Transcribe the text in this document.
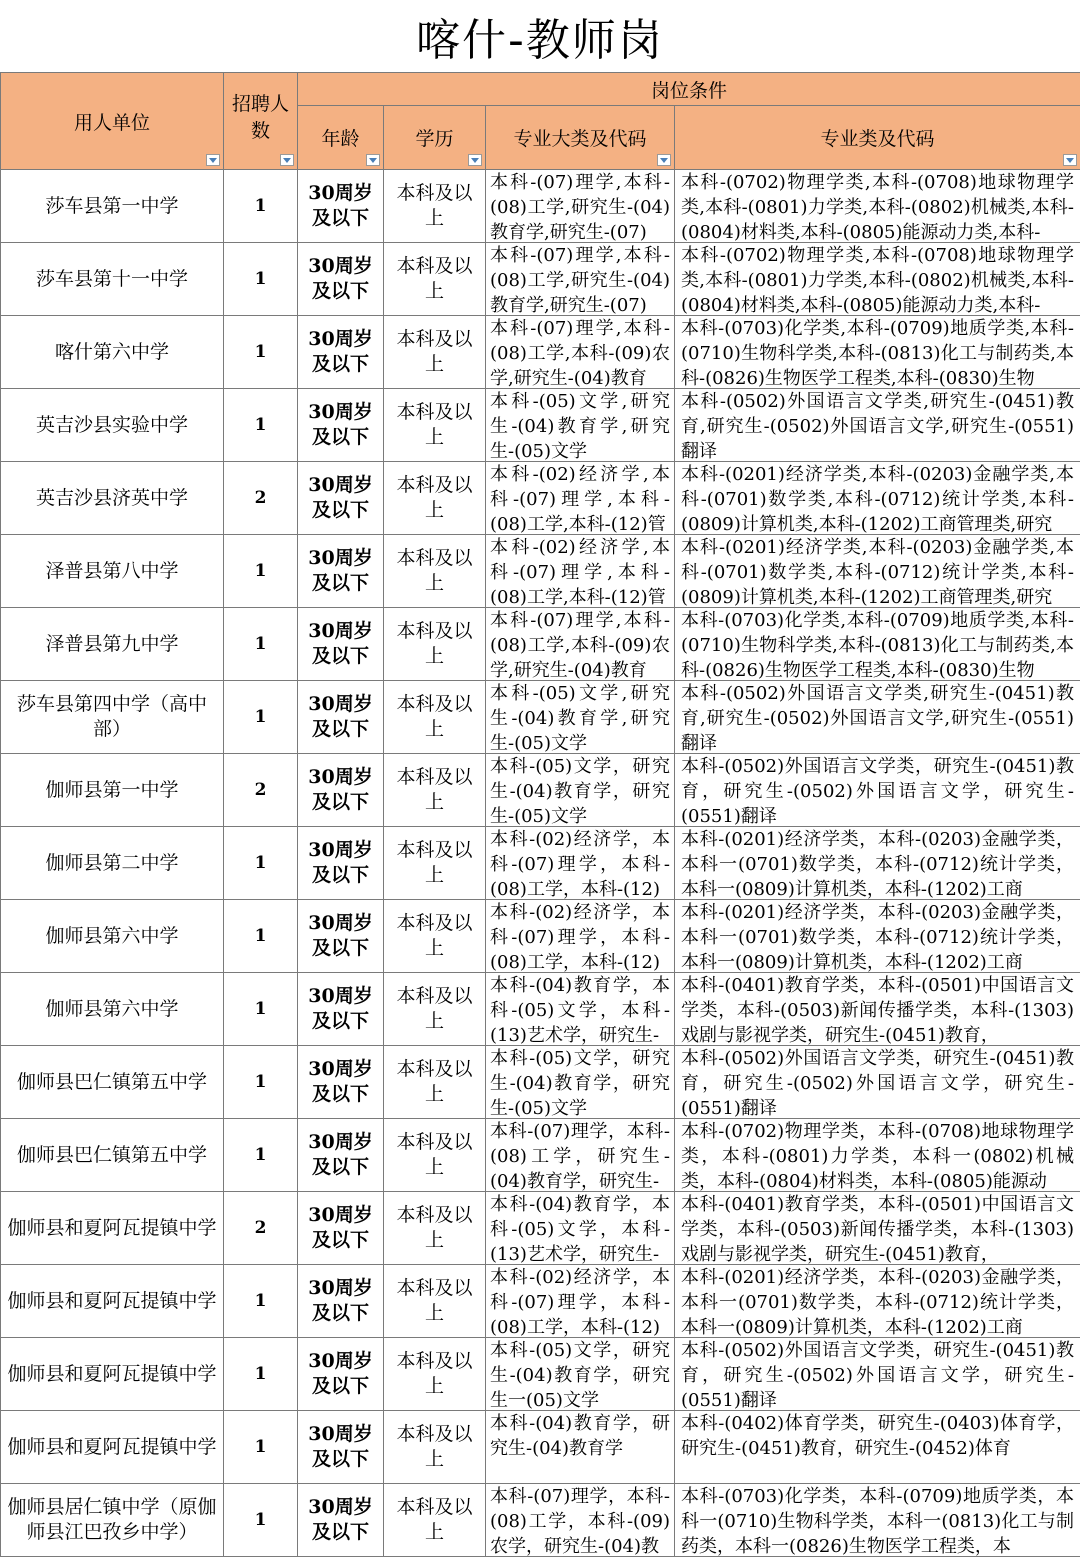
喀什-教师岗
用人单位	招聘人数	岗位条件			
		年龄	学历	专业大类及代码	专业类及代码

莎车县第一中学	1	30周岁及以下	本科及以上	本科-(07)理学,本科-(08)工学,研究生-(04)教育学,研究生-(07)	本科-(0702)物理学类,本科-(0708)地球物理学类,本科-(0801)力学类,本科-(0802)机械类,本科-(0804)材料类,本科-(0805)能源动力类,本科-

莎车县第十一中学	1	30周岁及以下	本科及以上	本科-(07)理学,本科-(08)工学,研究生-(04)教育学,研究生-(07)	本科-(0702)物理学类,本科-(0708)地球物理学类,本科-(0801)力学类,本科-(0802)机械类,本科-(0804)材料类,本科-(0805)能源动力类,本科-

喀什第六中学	1	30周岁及以下	本科及以上	本科-(07)理学,本科-(08)工学,本科-(09)农学,研究生-(04)教育	本科-(0703)化学类,本科-(0709)地质学类,本科-(0710)生物科学类,本科-(0813)化工与制药类,本科-(0826)生物医学工程类,本科-(0830)生物

英吉沙县实验中学	1	30周岁及以下	本科及以上	本科-(05)文学,研究生-(04)教育学,研究生-(05)文学	本科-(0502)外国语言文学类,研究生-(0451)教育,研究生-(0502)外国语言文学,研究生-(0551)翻译

英吉沙县济英中学	2	30周岁及以下	本科及以上	本科-(02)经济学,本科-(07)理学,本科-(08)工学,本科-(12)管	本科-(0201)经济学类,本科-(0203)金融学类,本科-(0701)数学类,本科-(0712)统计学类,本科-(0809)计算机类,本科-(1202)工商管理类,研究

泽普县第八中学	1	30周岁及以下	本科及以上	本科-(02)经济学,本科-(07)理学,本科-(08)工学,本科-(12)管	本科-(0201)经济学类,本科-(0203)金融学类,本科-(0701)数学类,本科-(0712)统计学类,本科-(0809)计算机类,本科-(1202)工商管理类,研究

泽普县第九中学	1	30周岁及以下	本科及以上	本科-(07)理学,本科-(08)工学,本科-(09)农学,研究生-(04)教育	本科-(0703)化学类,本科-(0709)地质学类,本科-(0710)生物科学类,本科-(0813)化工与制药类,本科-(0826)生物医学工程类,本科-(0830)生物

莎车县第四中学（高中部）	1	30周岁及以下	本科及以上	本科-(05)文学,研究生-(04)教育学,研究生-(05)文学	本科-(0502)外国语言文学类,研究生-(0451)教育,研究生-(0502)外国语言文学,研究生-(0551)翻译

伽师县第一中学	2	30周岁及以下	本科及以上	本科-(05)文学，研究生-(04)教育学，研究生-(05)文学	本科-(0502)外国语言文学类，研究生-(0451)教育，研究生-(0502)外国语言文学，研究生-(0551)翻译

伽师县第二中学	1	30周岁及以下	本科及以上	本科-(02)经济学，本科-(07)理学，本科-(08)工学，本科-(12)	本科-(0201)经济学类，本科-(0203)金融学类，本科一(0701)数学类，本科-(0712)统计学类，本科一(0809)计算机类，本科-(1202)工商

伽师县第六中学	1	30周岁及以下	本科及以上	本科-(02)经济学，本科-(07)理学，本科-(08)工学，本科-(12)	本科-(0201)经济学类，本科-(0203)金融学类，本科一(0701)数学类，本科-(0712)统计学类，本科一(0809)计算机类，本科-(1202)工商

伽师县第六中学	1	30周岁及以下	本科及以上	本科-(04)教育学，本科-(05)文学，本科-(13)艺术学，研究生-	本科-(0401)教育学类，本科-(0501)中国语言文学类，本科-(0503)新闻传播学类，本科-(1303)戏剧与影视学类，研究生-(0451)教育，

伽师县巴仁镇第五中学	1	30周岁及以下	本科及以上	本科-(05)文学，研究生-(04)教育学，研究生-(05)文学	本科-(0502)外国语言文学类，研究生-(0451)教育，研究生-(0502)外国语言文学，研究生-(0551)翻译

伽师县巴仁镇第五中学	1	30周岁及以下	本科及以上	本科-(07)理学，本科-(08)工学，研究生-(04)教育学，研究生-	本科-(0702)物理学类，本科-(0708)地球物理学类，本科-(0801)力学类，本科一(0802)机械类，本科-(0804)材料类，本科-(0805)能源动

伽师县和夏阿瓦提镇中学	2	30周岁及以下	本科及以上	本科-(04)教育学，本科-(05)文学，本科-(13)艺术学，研究生-	本科-(0401)教育学类，本科-(0501)中国语言文学类，本科-(0503)新闻传播学类，本科-(1303)戏剧与影视学类，研究生-(0451)教育，

伽师县和夏阿瓦提镇中学	1	30周岁及以下	本科及以上	本科-(02)经济学，本科-(07)理学，本科-(08)工学，本科-(12)	本科-(0201)经济学类，本科-(0203)金融学类，本科一(0701)数学类，本科-(0712)统计学类，本科一(0809)计算机类，本科-(1202)工商

伽师县和夏阿瓦提镇中学	1	30周岁及以下	本科及以上	本科-(05)文学，研究生-(04)教育学，研究生一(05)文学	本科-(0502)外国语言文学类，研究生-(0451)教育，研究生-(0502)外国语言文学，研究生-(0551)翻译

伽师县和夏阿瓦提镇中学	1	30周岁及以下	本科及以上	本科-(04)教育学，研究生-(04)教育学	本科-(0402)体育学类，研究生-(0403)体育学，研究生-(0451)教育，研究生-(0452)体育

伽师县居仁镇中学（原伽师县江巴孜乡中学）	1	30周岁及以下	本科及以上	本科-(07)理学，本科-(08)工学，本科-(09)农学，研究生-(04)教	本科-(0703)化学类，本科-(0709)地质学类，本科一(0710)生物科学类，本科一(0813)化工与制药类，本科一(0826)生物医学工程类，本
